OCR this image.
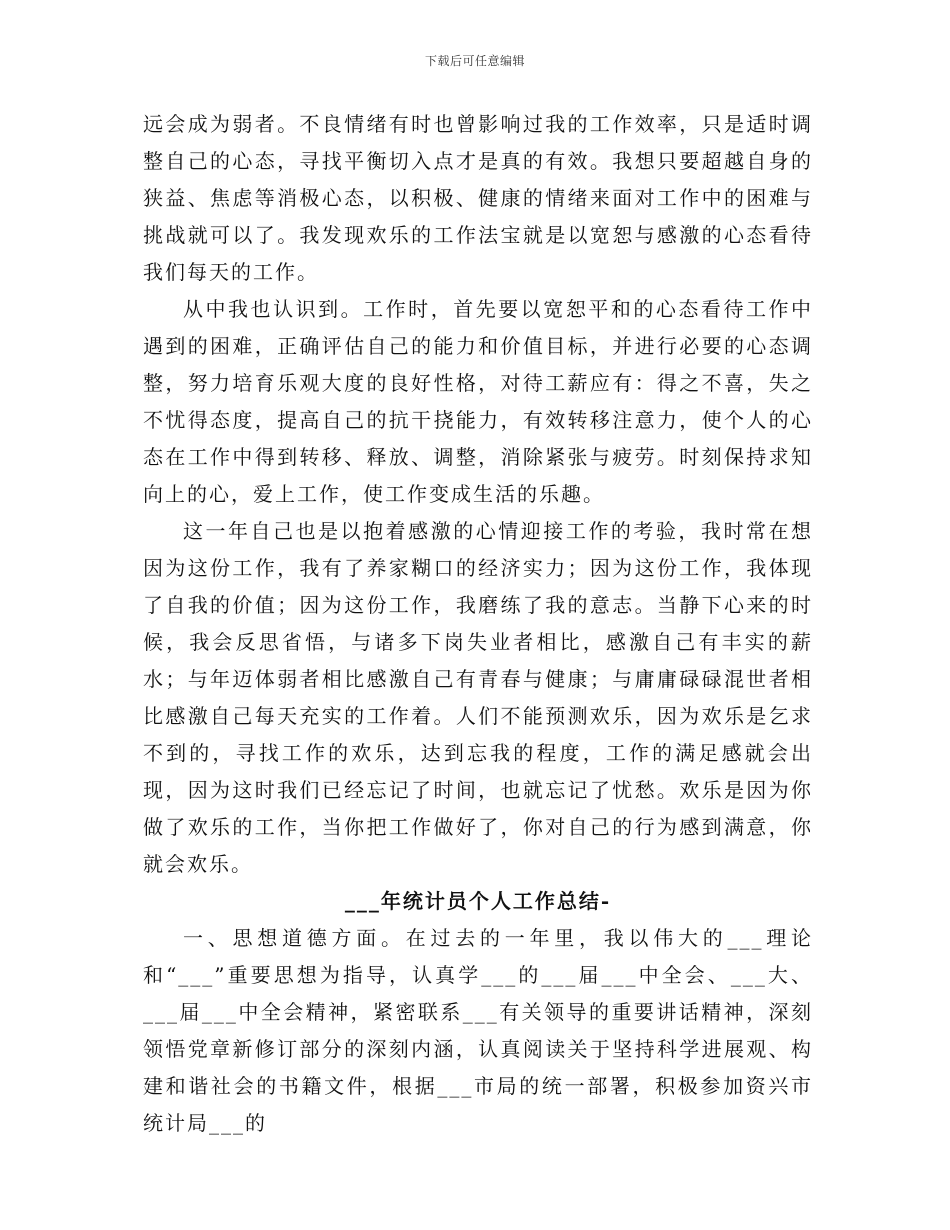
下载后可任意编辑

远会成为弱者。不良情绪有时也曾影响过我的工作效率，只是适时调整自己的心态，寻找平衡切入点才是真的有效。我想只要超越自身的狭益、焦虑等消极心态，以积极、健康的情绪来面对工作中的困难与挑战就可以了。我发现欢乐的工作法宝就是以宽恕与感激的心态看待我们每天的工作。

从中我也认识到。工作时，首先要以宽恕平和的心态看待工作中遇到的困难，正确评估自己的能力和价值目标，并进行必要的心态调整，努力培育乐观大度的良好性格，对待工薪应有：得之不喜，失之不忧得态度，提高自己的抗干挠能力，有效转移注意力，使个人的心态在工作中得到转移、释放、调整，消除紧张与疲劳。时刻保持求知向上的心，爱上工作，使工作变成生活的乐趣。

这一年自己也是以抱着感激的心情迎接工作的考验，我时常在想因为这份工作，我有了养家糊口的经济实力；因为这份工作，我体现了自我的价值；因为这份工作，我磨练了我的意志。当静下心来的时候，我会反思省悟，与诸多下岗失业者相比，感激自己有丰实的薪水；与年迈体弱者相比感激自己有青春与健康；与庸庸碌碌混世者相比感激自己每天充实的工作着。人们不能预测欢乐，因为欢乐是乞求不到的，寻找工作的欢乐，达到忘我的程度，工作的满足感就会出现，因为这时我们已经忘记了时间，也就忘记了忧愁。欢乐是因为你做了欢乐的工作，当你把工作做好了，你对自己的行为感到满意，你就会欢乐。

___年统计员个人工作总结-

一、思想道德方面。在过去的一年里，我以伟大的___理论和“___”重要思想为指导，认真学___的___届___中全会、___大、___届___中全会精神，紧密联系___有关领导的重要讲话精神，深刻领悟党章新修订部分的深刻内涵，认真阅读关于坚持科学进展观、构建和谐社会的书籍文件，根据___市局的统一部署，积极参加资兴市统计局___的
